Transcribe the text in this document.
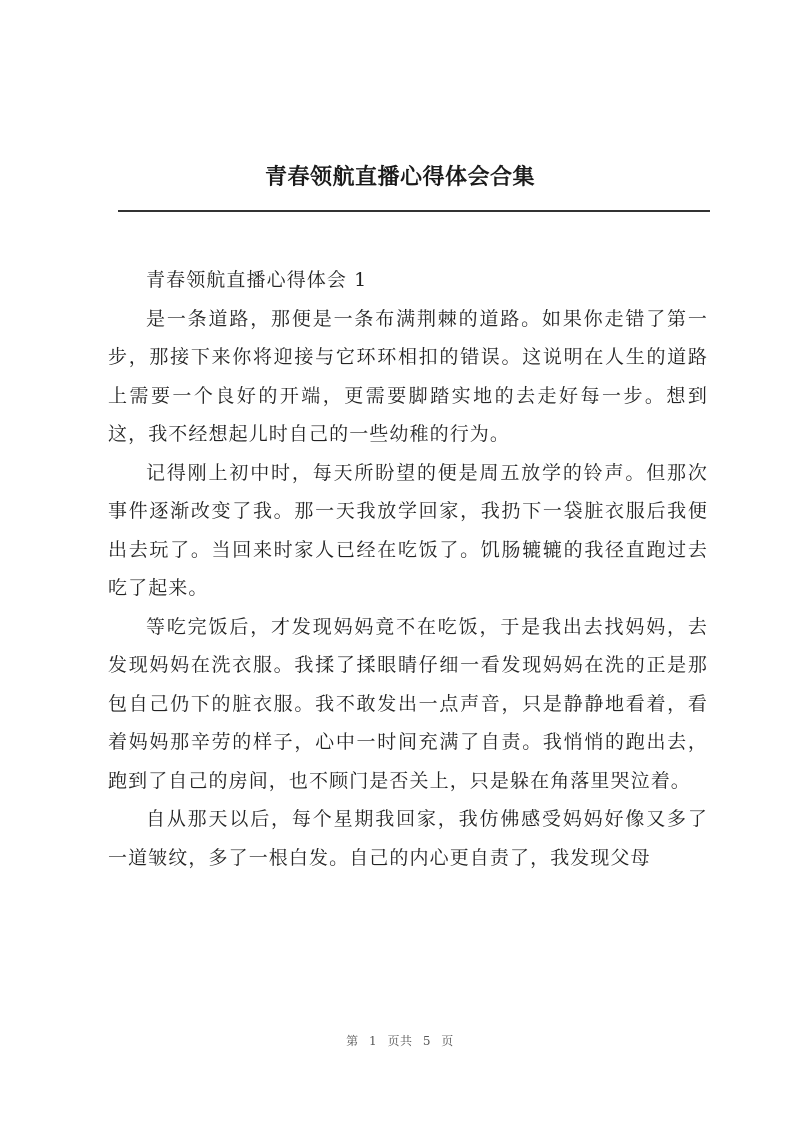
青春领航直播心得体会合集

青春领航直播心得体会 1

是一条道路，那便是一条布满荆棘的道路。如果你走错了第一步，那接下来你将迎接与它环环相扣的错误。这说明在人生的道路上需要一个良好的开端，更需要脚踏实地的去走好每一步。想到这，我不经想起儿时自己的一些幼稚的行为。

记得刚上初中时，每天所盼望的便是周五放学的铃声。但那次事件逐渐改变了我。那一天我放学回家，我扔下一袋脏衣服后我便出去玩了。当回来时家人已经在吃饭了。饥肠辘辘的我径直跑过去吃了起来。

等吃完饭后，才发现妈妈竟不在吃饭，于是我出去找妈妈，去发现妈妈在洗衣服。我揉了揉眼睛仔细一看发现妈妈在洗的正是那包自己仍下的脏衣服。我不敢发出一点声音，只是静静地看着，看着妈妈那辛劳的样子，心中一时间充满了自责。我悄悄的跑出去，跑到了自己的房间，也不顾门是否关上，只是躲在角落里哭泣着。

自从那天以后，每个星期我回家，我仿佛感受妈妈好像又多了一道皱纹，多了一根白发。自己的内心更自责了，我发现父母

第 1 页共 5 页
